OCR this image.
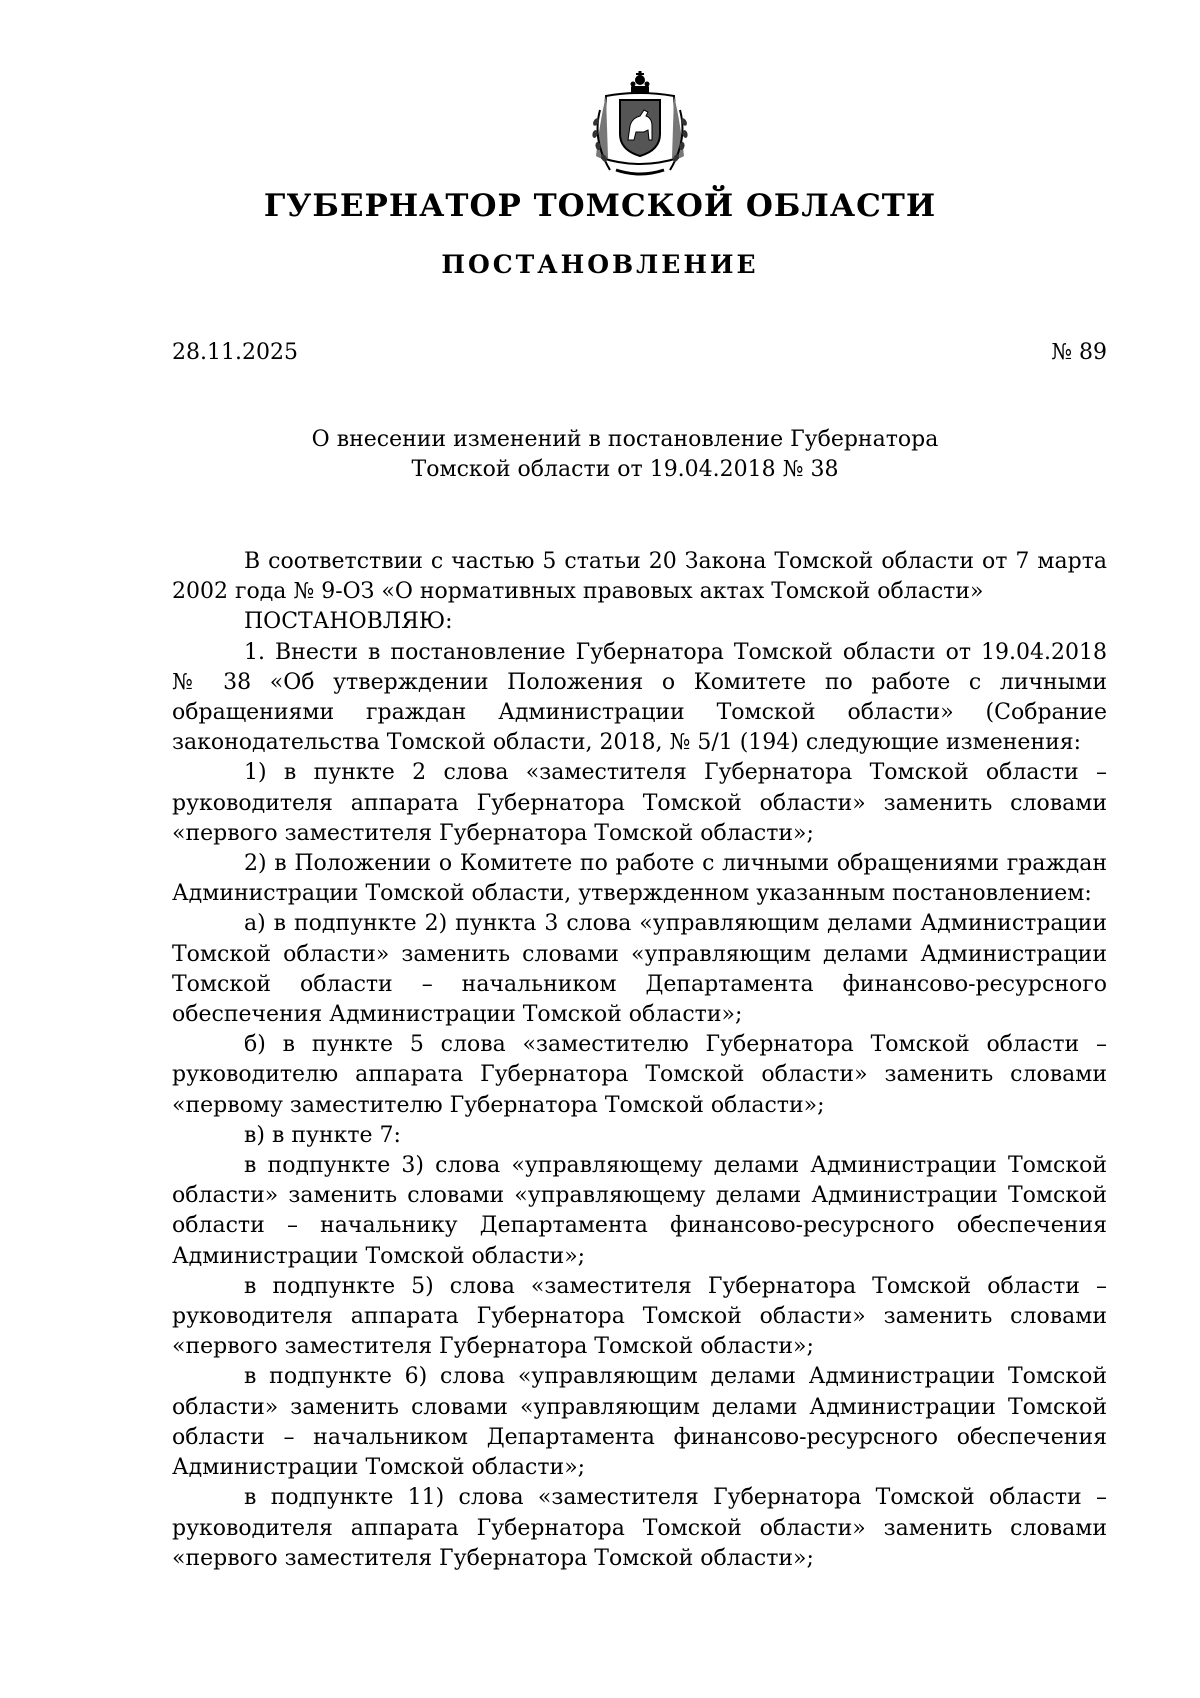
ГУБЕРНАТОР ТОМСКОЙ ОБЛАСТИ
ПОСТАНОВЛЕНИЕ
28.11.2025	№ 89
О внесении изменений в постановление Губернатора
Томской области от 19.04.2018 № 38

В соответствии с частью 5 статьи 20 Закона Томской области от 7 марта 2002 года № 9-ОЗ «О нормативных правовых актах Томской области»

ПОСТАНОВЛЯЮ:

1. Внести в постановление Губернатора Томской области от 19.04.2018 № 38 «Об утверждении Положения о Комитете по работе с личными обращениями граждан Администрации Томской области» (Собрание законодательства Томской области, 2018, № 5/1 (194) следующие изменения:

1) в пункте 2 слова «заместителя Губернатора Томской области – руководителя аппарата Губернатора Томской области» заменить словами «первого заместителя Губернатора Томской области»;

2) в Положении о Комитете по работе с личными обращениями граждан Администрации Томской области, утвержденном указанным постановлением:

а) в подпункте 2) пункта 3 слова «управляющим делами Администрации Томской области» заменить словами «управляющим делами Администрации Томской области – начальником Департамента финансово-ресурсного обеспечения Администрации Томской области»;

б) в пункте 5 слова «заместителю Губернатора Томской области – руководителю аппарата Губернатора Томской области» заменить словами «первому заместителю Губернатора Томской области»;

в) в пункте 7:

в подпункте 3) слова «управляющему делами Администрации Томской области» заменить словами «управляющему делами Администрации Томской области – начальнику Департамента финансово-ресурсного обеспечения Администрации Томской области»;

в подпункте 5) слова «заместителя Губернатора Томской области – руководителя аппарата Губернатора Томской области» заменить словами «первого заместителя Губернатора Томской области»;

в подпункте 6) слова «управляющим делами Администрации Томской области» заменить словами «управляющим делами Администрации Томской области – начальником Департамента финансово-ресурсного обеспечения Администрации Томской области»;

в подпункте 11) слова «заместителя Губернатора Томской области – руководителя аппарата Губернатора Томской области» заменить словами «первого заместителя Губернатора Томской области»;
